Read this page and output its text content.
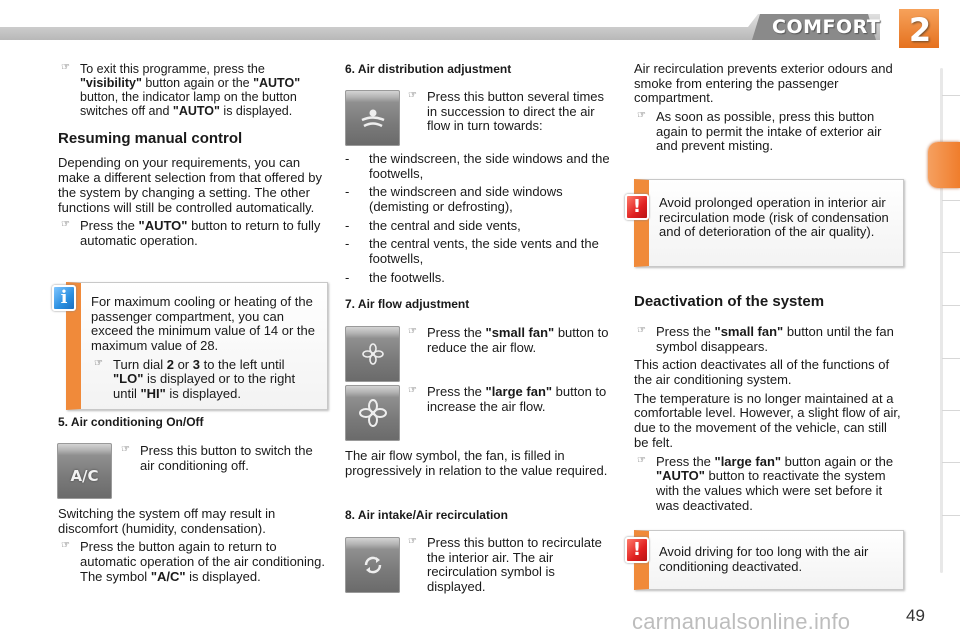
COMFORT 2

☞ To exit this programme, press the "visibility" button again or the "AUTO" button, the indicator lamp on the button switches off and "AUTO" is displayed.

Resuming manual control

Depending on your requirements, you can make a different selection from that offered by the system by changing a setting. The other functions will still be controlled automatically.

☞ Press the "AUTO" button to return to fully automatic operation.

For maximum cooling or heating of the passenger compartment, you can exceed the minimum value of 14 or the maximum value of 28.

☞ Turn dial 2 or 3 to the left until "LO" is displayed or to the right until "HI" is displayed.

i
5. Air conditioning On/Off
A/C

☞ Press this button to switch the air conditioning off.

Switching the system off may result in discomfort (humidity, condensation).

☞ Press the button again to return to automatic operation of the air conditioning. The symbol "A/C" is displayed.

6. Air distribution adjustment

☞ Press this button several times in succession to direct the air flow in turn towards:

- the windscreen, the side windows and the footwells,
- the windscreen and side windows (demisting or defrosting),
- the central and side vents,
- the central vents, the side vents and the footwells,
- the footwells.
7. Air flow adjustment

☞ Press the "small fan" button to reduce the air flow.

☞ Press the "large fan" button to increase the air flow.

The air flow symbol, the fan, is filled in progressively in relation to the value required.

8. Air intake/Air recirculation

☞ Press this button to recirculate the interior air. The air recirculation symbol is displayed.

Air recirculation prevents exterior odours and smoke from entering the passenger compartment.

☞ As soon as possible, press this button again to permit the intake of exterior air and prevent misting.

Avoid prolonged operation in interior air recirculation mode (risk of condensation and of deterioration of the air quality).

!
Deactivation of the system

☞ Press the "small fan" button until the fan symbol disappears.

This action deactivates all of the functions of the air conditioning system.

The temperature is no longer maintained at a comfortable level. However, a slight flow of air, due to the movement of the vehicle, can still be felt.

☞ Press the "large fan" button again or the "AUTO" button to reactivate the system with the values which were set before it was deactivated.

Avoid driving for too long with the air conditioning deactivated.

!
carmanualsonline.info	49
